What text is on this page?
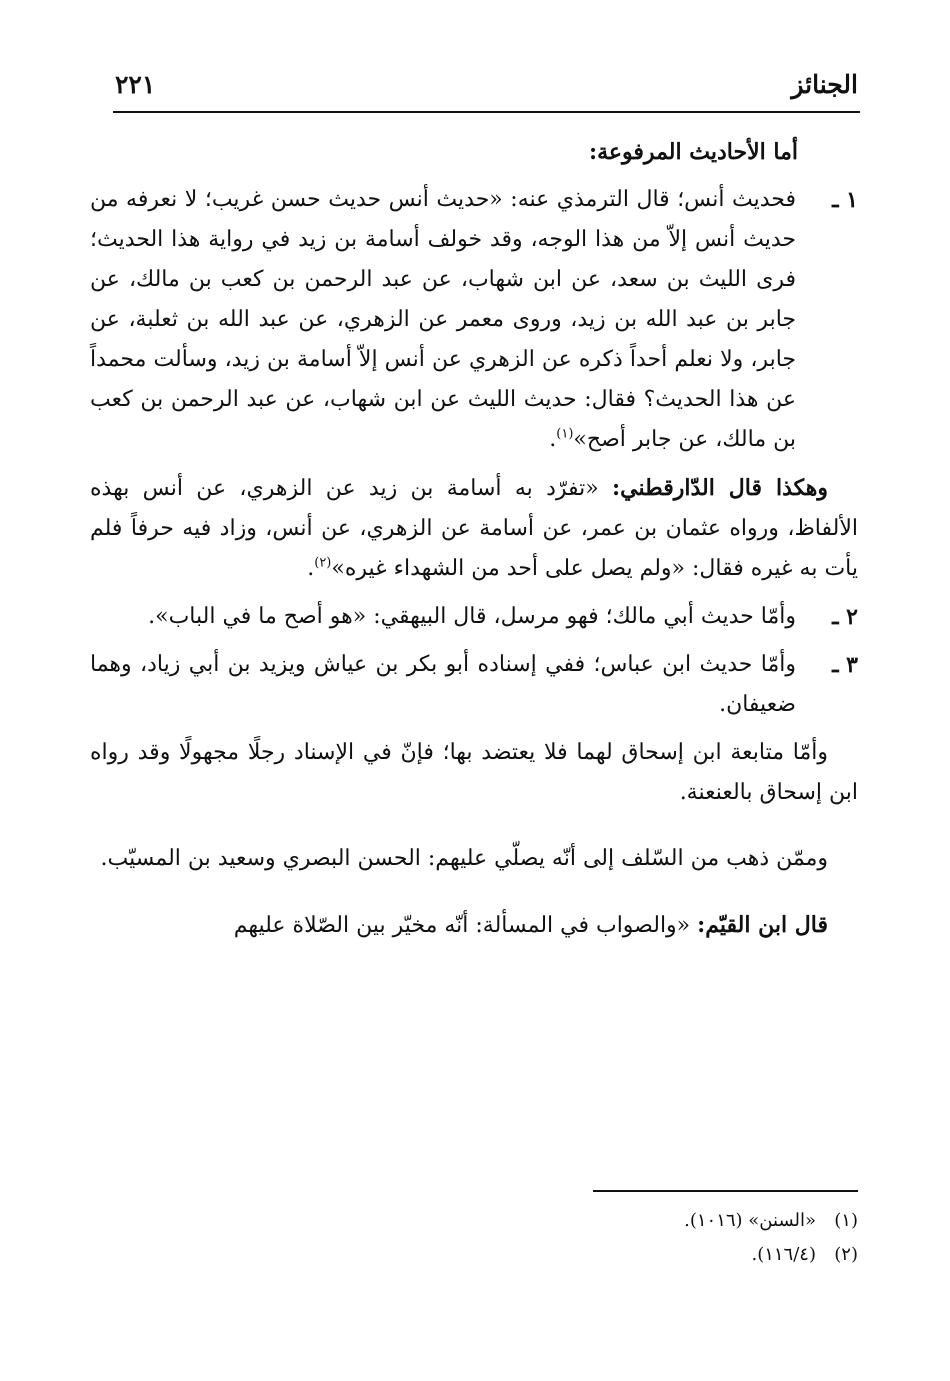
الجنائز
٢٢١
أما الأحاديث المرفوعة:
١ ـ
فحديث أنس؛ قال الترمذي عنه: «حديث أنس حديث حسن غريب؛ لا نعرفه من حديث أنس إلاّ من هذا الوجه، وقد خولف أسامة بن زيد في رواية هذا الحديث؛ فرى الليث بن سعد، عن ابن شهاب، عن عبد الرحمن بن كعب بن مالك، عن جابر بن عبد الله بن زيد، وروى معمر عن الزهري، عن عبد الله بن ثعلبة، عن جابر، ولا نعلم أحداً ذكره عن الزهري عن أنس إلاّ أسامة بن زيد، وسألت محمداً عن هذا الحديث؟ فقال: حديث الليث عن ابن شهاب، عن عبد الرحمن بن كعب بن مالك، عن جابر أصح»$^{(١)}$.
وهكذا قال الدّارقطني: «تفرّد به أسامة بن زيد عن الزهري، عن أنس بهذه الألفاظ، ورواه عثمان بن عمر، عن أسامة عن الزهري، عن أنس، وزاد فيه حرفاً فلم يأت به غيره فقال: «ولم يصل على أحد من الشهداء غيره»$^{(٢)}$.
٢ ـ
وأمّا حديث أبي مالك؛ فهو مرسل، قال البيهقي: «هو أصح ما في الباب».
٣ ـ
وأمّا حديث ابن عباس؛ ففي إسناده أبو بكر بن عياش ويزيد بن أبي زياد، وهما ضعيفان.
وأمّا متابعة ابن إسحاق لهما فلا يعتضد بها؛ فإنّ في الإسناد رجلًا مجهولًا وقد رواه ابن إسحاق بالعنعنة.
وممّن ذهب من السّلف إلى أنّه يصلّي عليهم: الحسن البصري وسعيد بن المسيّب.
قال ابن القيّم: «والصواب في المسألة: أنّه مخيّر بين الصّلاة عليهم
(١)
«السنن» (١٠١٦).
(٢)
(١١٦/٤).
